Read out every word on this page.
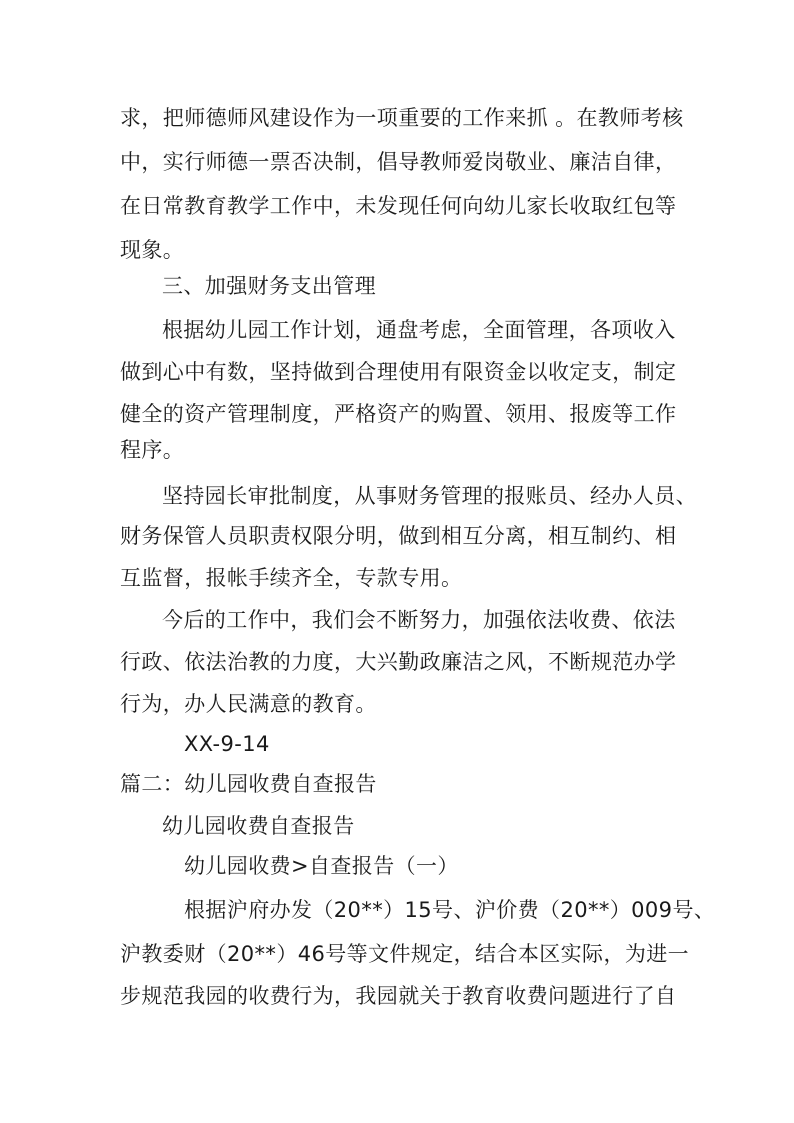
求，把师德师风建设作为一项重要的工作来抓 。在教师考核
中，实行师德一票否决制，倡导教师爱岗敬业、廉洁自律，
在日常教育教学工作中，未发现任何向幼儿家长收取红包等
现象。
三、加强财务支出管理
根据幼儿园工作计划，通盘考虑，全面管理，各项收入
做到心中有数，坚持做到合理使用有限资金以收定支，制定
健全的资产管理制度，严格资产的购置、领用、报废等工作
程序。
坚持园长审批制度，从事财务管理的报账员、经办人员、
财务保管人员职责权限分明，做到相互分离，相互制约、相
互监督，报帐手续齐全，专款专用。
今后的工作中，我们会不断努力，加强依法收费、依法
行政、依法治教的力度，大兴勤政廉洁之风，不断规范办学
行为，办人民满意的教育。
XX-9-14
篇二：幼儿园收费自查报告
幼儿园收费自查报告
幼儿园收费>自查报告（一）
根据沪府办发（20**）15号、沪价费（20**）009号、
沪教委财（20**）46号等文件规定，结合本区实际，为进一
步规范我园的收费行为，我园就关于教育收费问题进行了自
